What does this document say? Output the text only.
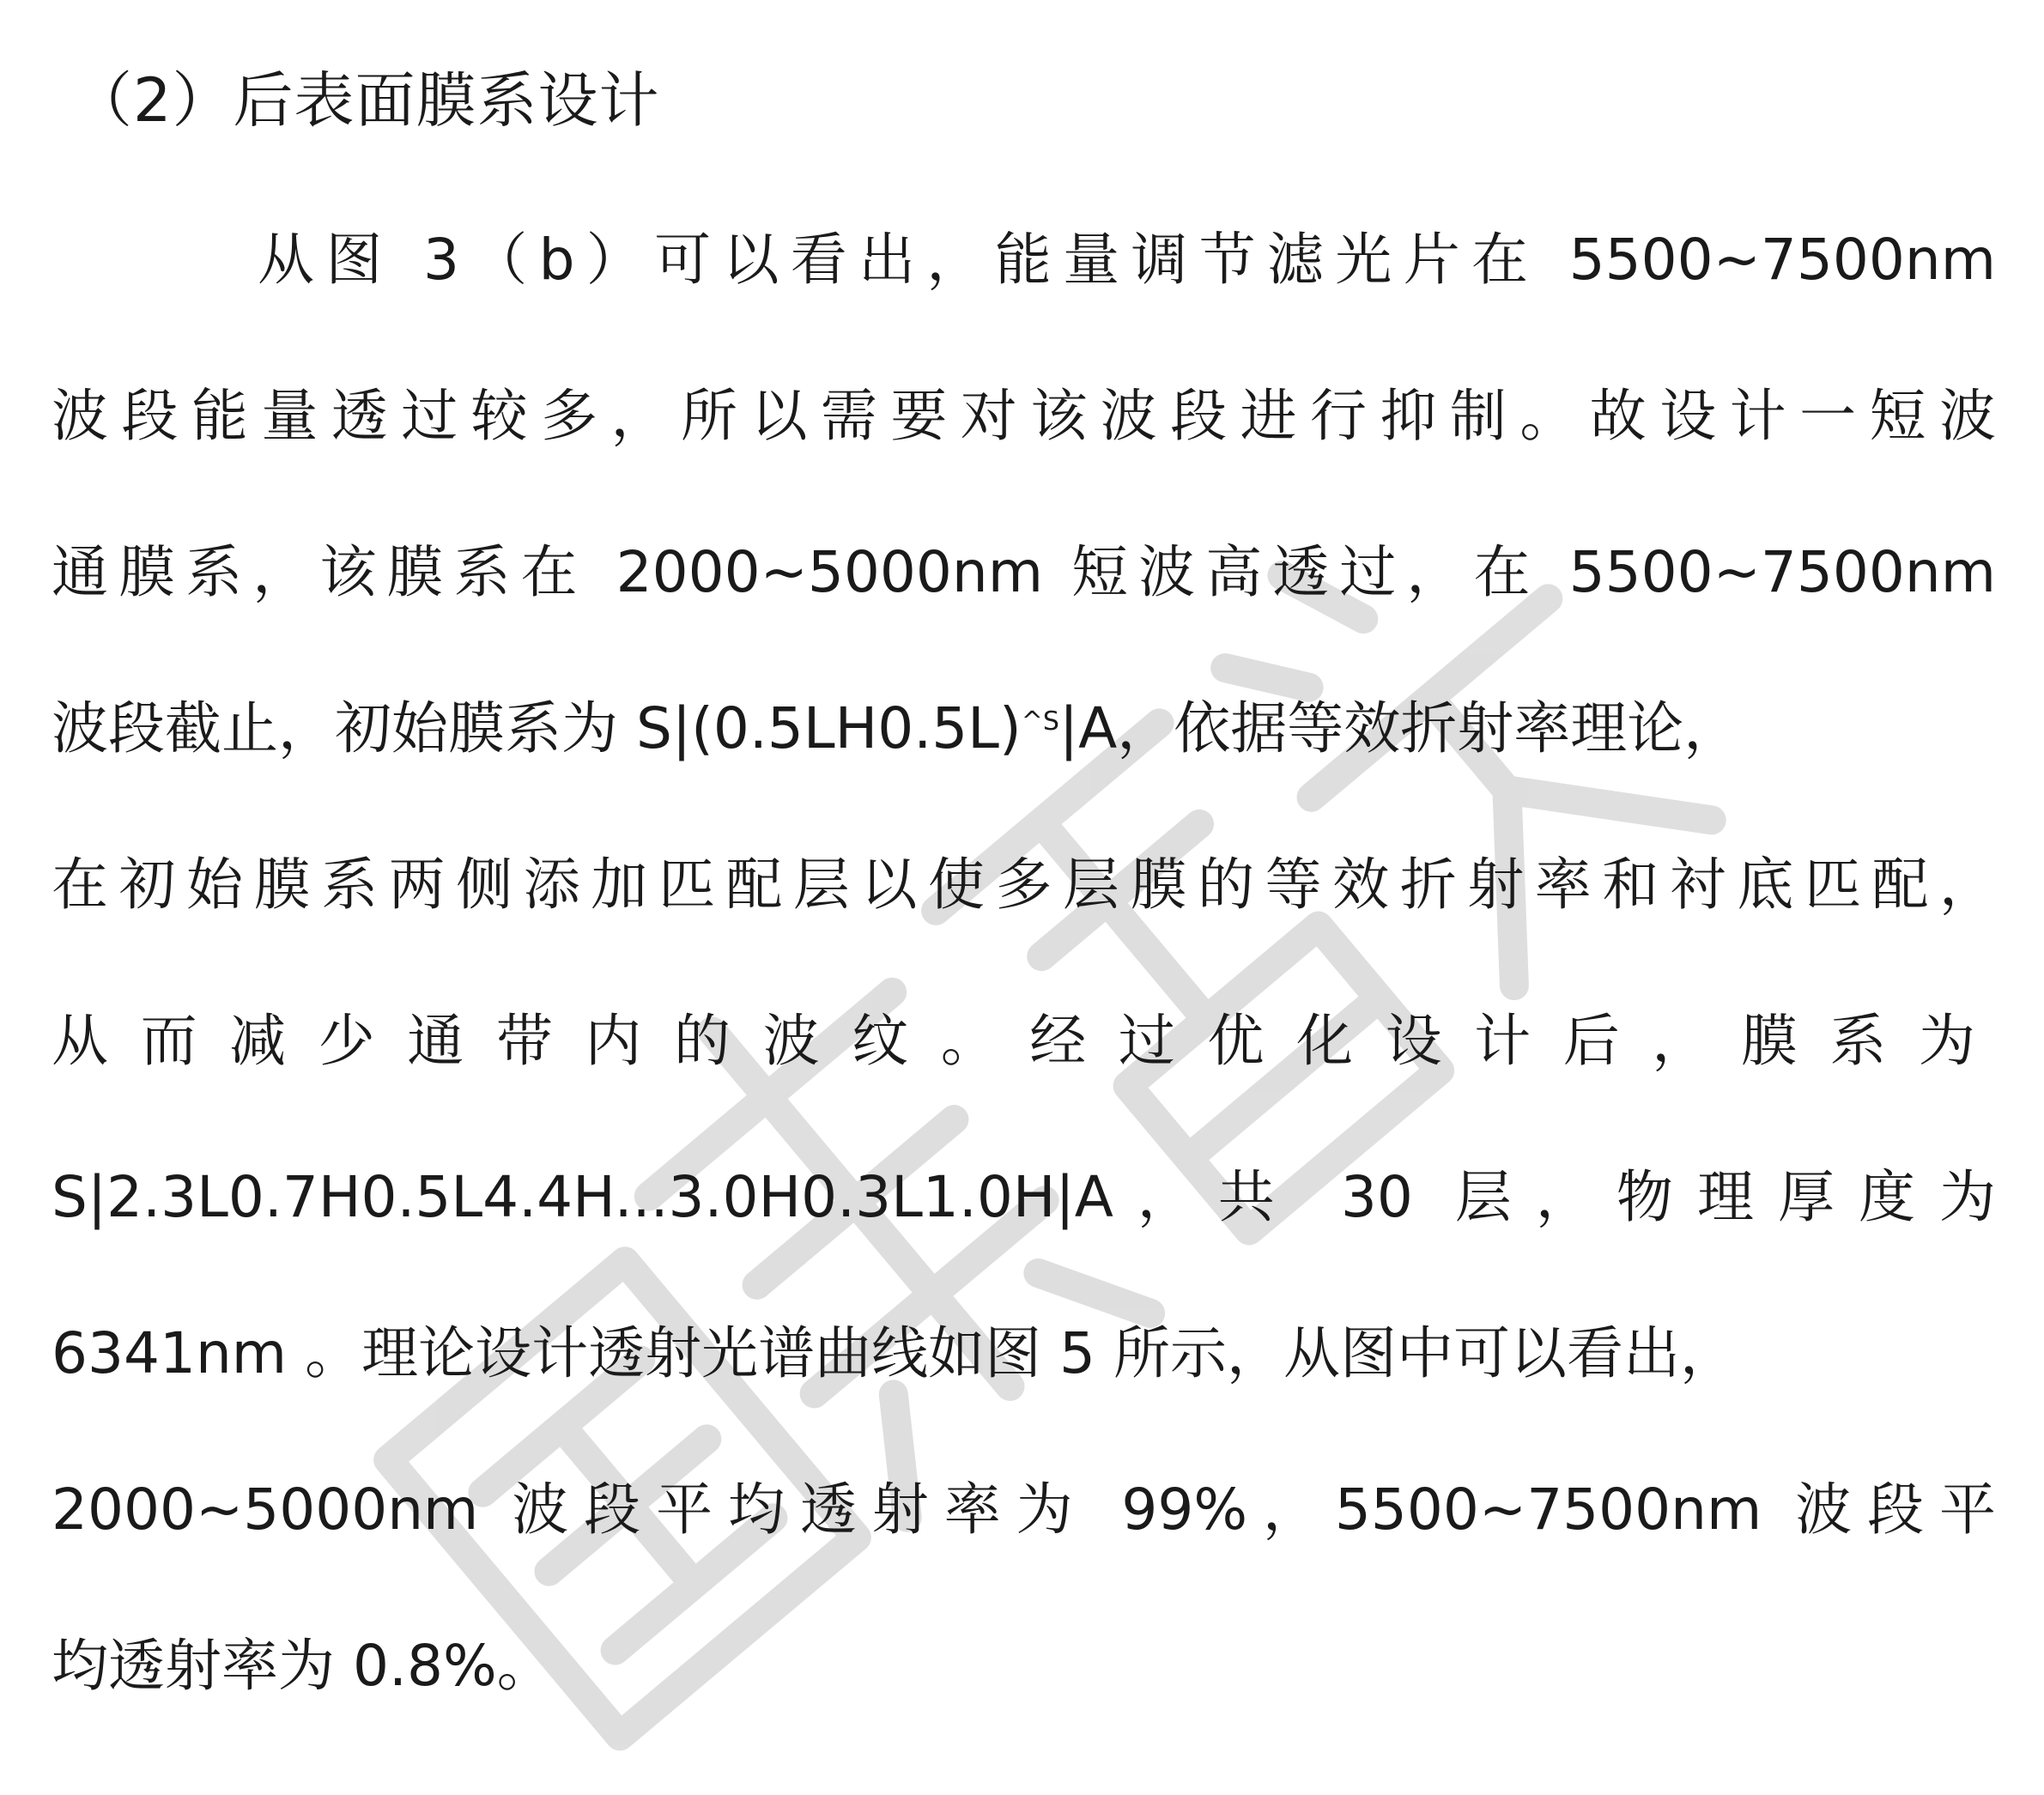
（2）后表面膜系设计
从图 3（b）可以看出，能量调节滤光片在 5500~7500nm
波段能量透过较多，所以需要对该波段进行抑制。故设计一短波
通膜系，该膜系在 2000~5000nm 短波高透过，在 5500~7500nm
波段截止，初始膜系为 $S|(0.5LH0.5L)^{\^{}S}|A$，依据等效折射率理论，
在初始膜系两侧添加匹配层以使多层膜的等效折射率和衬底匹配，
从而减少通带内的波纹。经过优化设计后，膜系为
S|2.3L0.7H0.5L4.4H...3.0H0.3L1.0H|A，共 30 层，物理厚度为
6341nm 。理论设计透射光谱曲线如图 5 所示，从图中可以看出，
2000~5000nm 波段平均透射率为 99%，5500~7500nm 波段平
均透射率为 0.8%。
